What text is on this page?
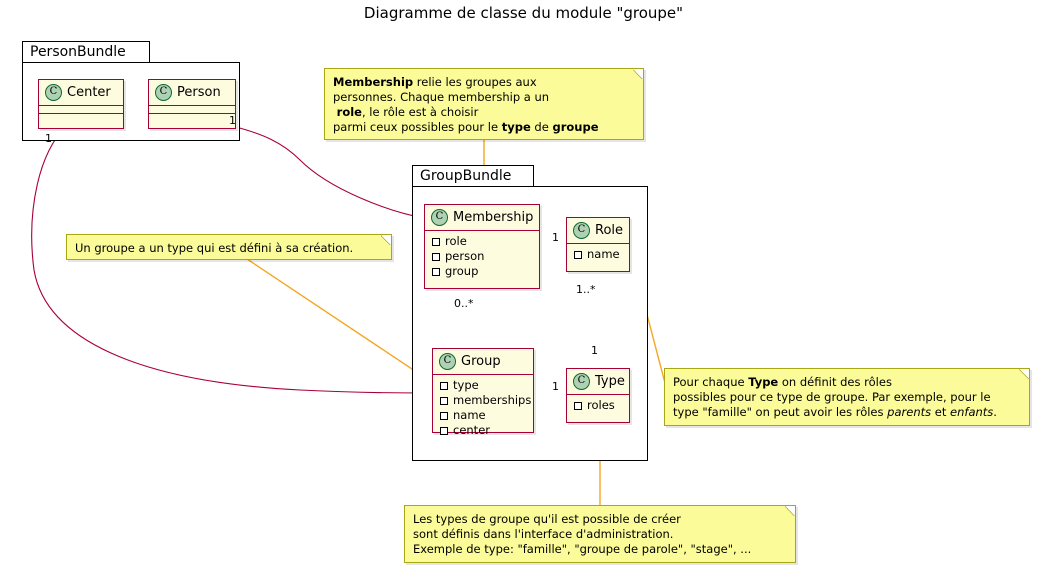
Diagramme de classe du module "groupe"
PersonBundle
C Center	C Person
GroupBundle
C Membership
role
person
group
C Role
name
C Group
type
memberships
name
center
C Type
roles
1
1
1
1..*
0..*
1
1
Membership relie les groupes aux
personnes. Chaque membership a un
role, le rôle est à choisir
parmi ceux possibles pour le type de groupe
Un groupe a un type qui est défini à sa création.
Pour chaque Type on définit des rôles
possibles pour ce type de groupe. Par exemple, pour le
type "famille" on peut avoir les rôles parents et enfants.
Les types de groupe qu'il est possible de créer
sont définis dans l'interface d'administration.
Exemple de type: "famille", "groupe de parole", "stage", ...
